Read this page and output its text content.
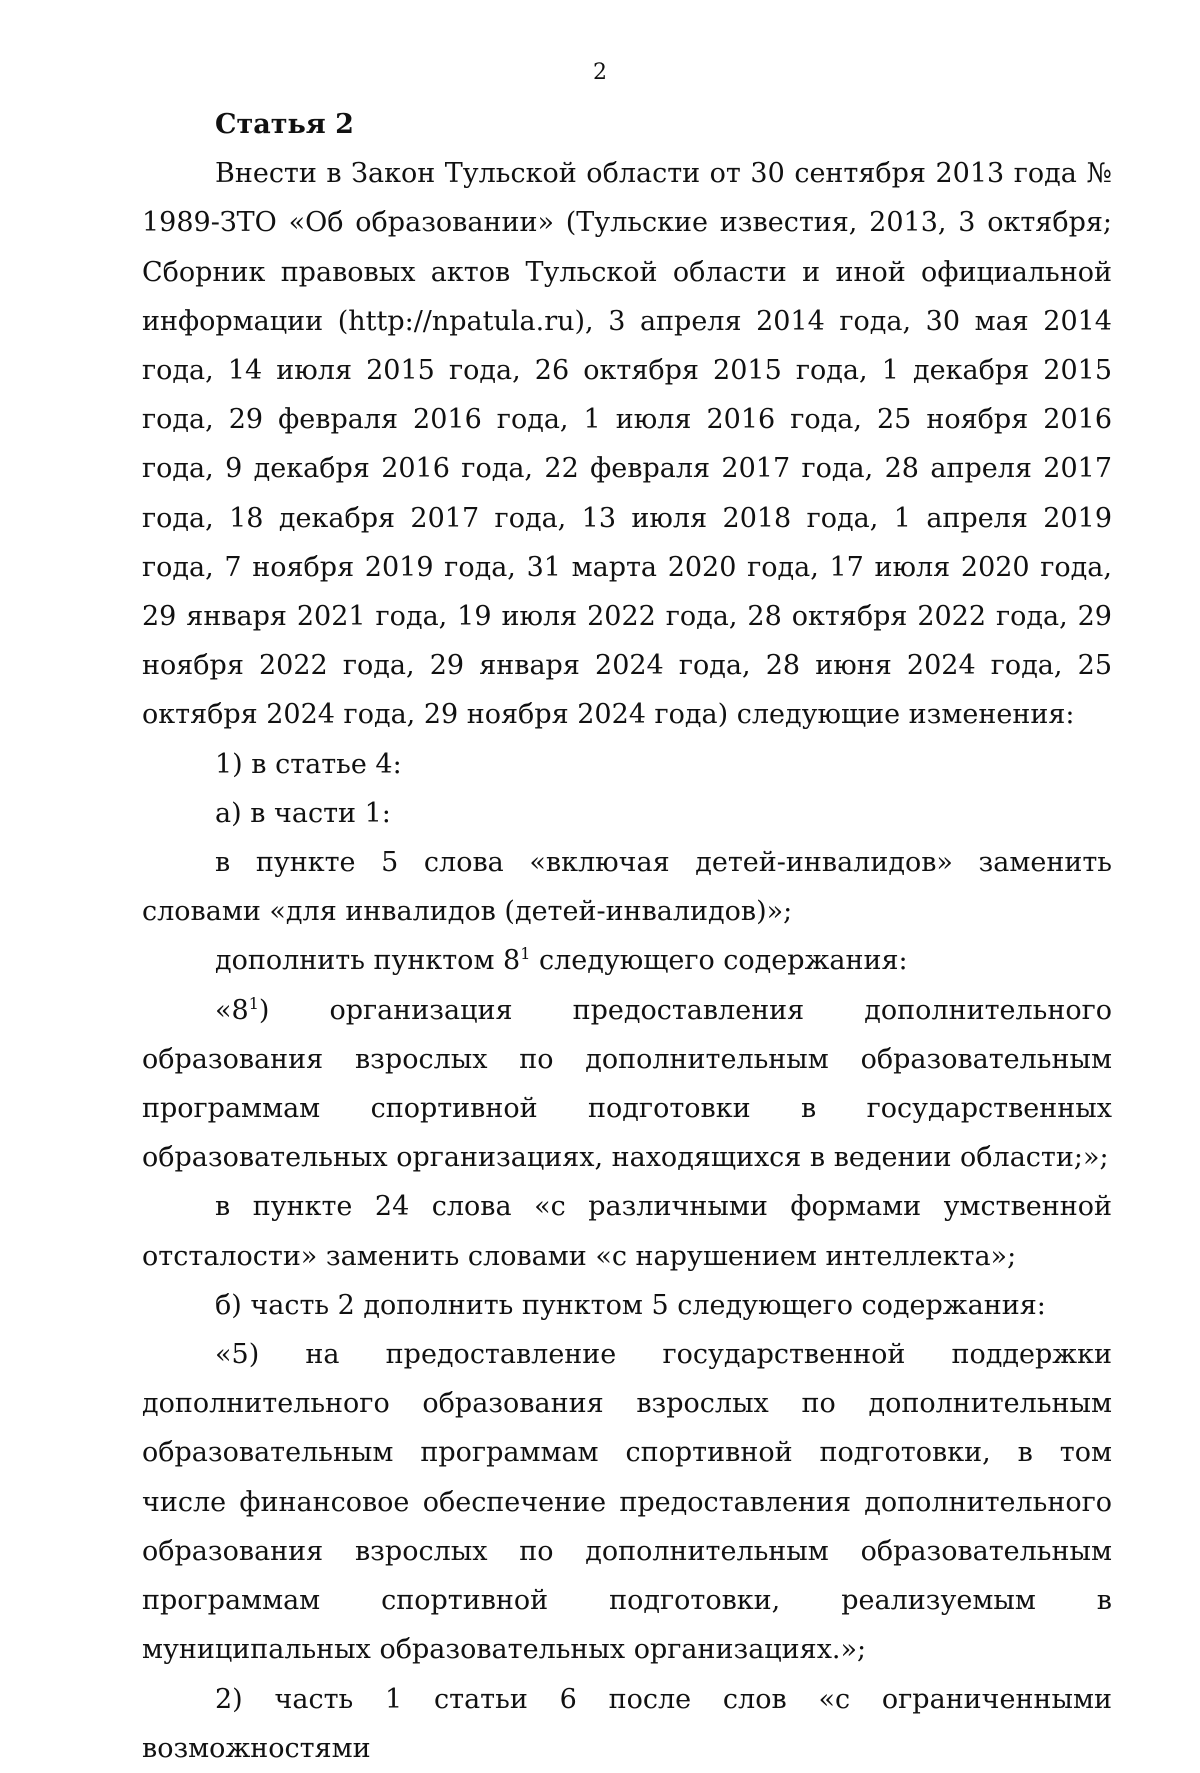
2

Статья 2

Внести в Закон Тульской области от 30 сентября 2013 года № 1989-ЗТО «Об образовании» (Тульские известия, 2013, 3 октября; Сборник правовых актов Тульской области и иной официальной информации (http://npatula.ru), 3 апреля 2014 года, 30 мая 2014 года, 14 июля 2015 года, 26 октября 2015 года, 1 декабря 2015 года, 29 февраля 2016 года, 1 июля 2016 года, 25 ноября 2016 года, 9 декабря 2016 года, 22 февраля 2017 года, 28 апреля 2017 года, 18 декабря 2017 года, 13 июля 2018 года, 1 апреля 2019 года, 7 ноября 2019 года, 31 марта 2020 года, 17 июля 2020 года, 29 января 2021 года, 19 июля 2022 года, 28 октября 2022 года, 29 ноября 2022 года, 29 января 2024 года, 28 июня 2024 года, 25 октября 2024 года, 29 ноября 2024 года) следующие изменения:

1) в статье 4:

а) в части 1:

в пункте 5 слова «включая детей-инвалидов» заменить словами «для инвалидов (детей-инвалидов)»;

дополнить пунктом $8^1$ следующего содержания:

«$8^1$) организация предоставления дополнительного образования взрослых по дополнительным образовательным программам спортивной подготовки в государственных образовательных организациях, находящихся в ведении области;»;

в пункте 24 слова «с различными формами умственной отсталости» заменить словами «с нарушением интеллекта»;

б) часть 2 дополнить пунктом 5 следующего содержания:

«5) на предоставление государственной поддержки дополнительного образования взрослых по дополнительным образовательным программам спортивной подготовки, в том числе финансовое обеспечение предоставления дополнительного образования взрослых по дополнительным образовательным программам спортивной подготовки, реализуемым в муниципальных образовательных организациях.»;

2) часть 1 статьи 6 после слов «с ограниченными возможностями
